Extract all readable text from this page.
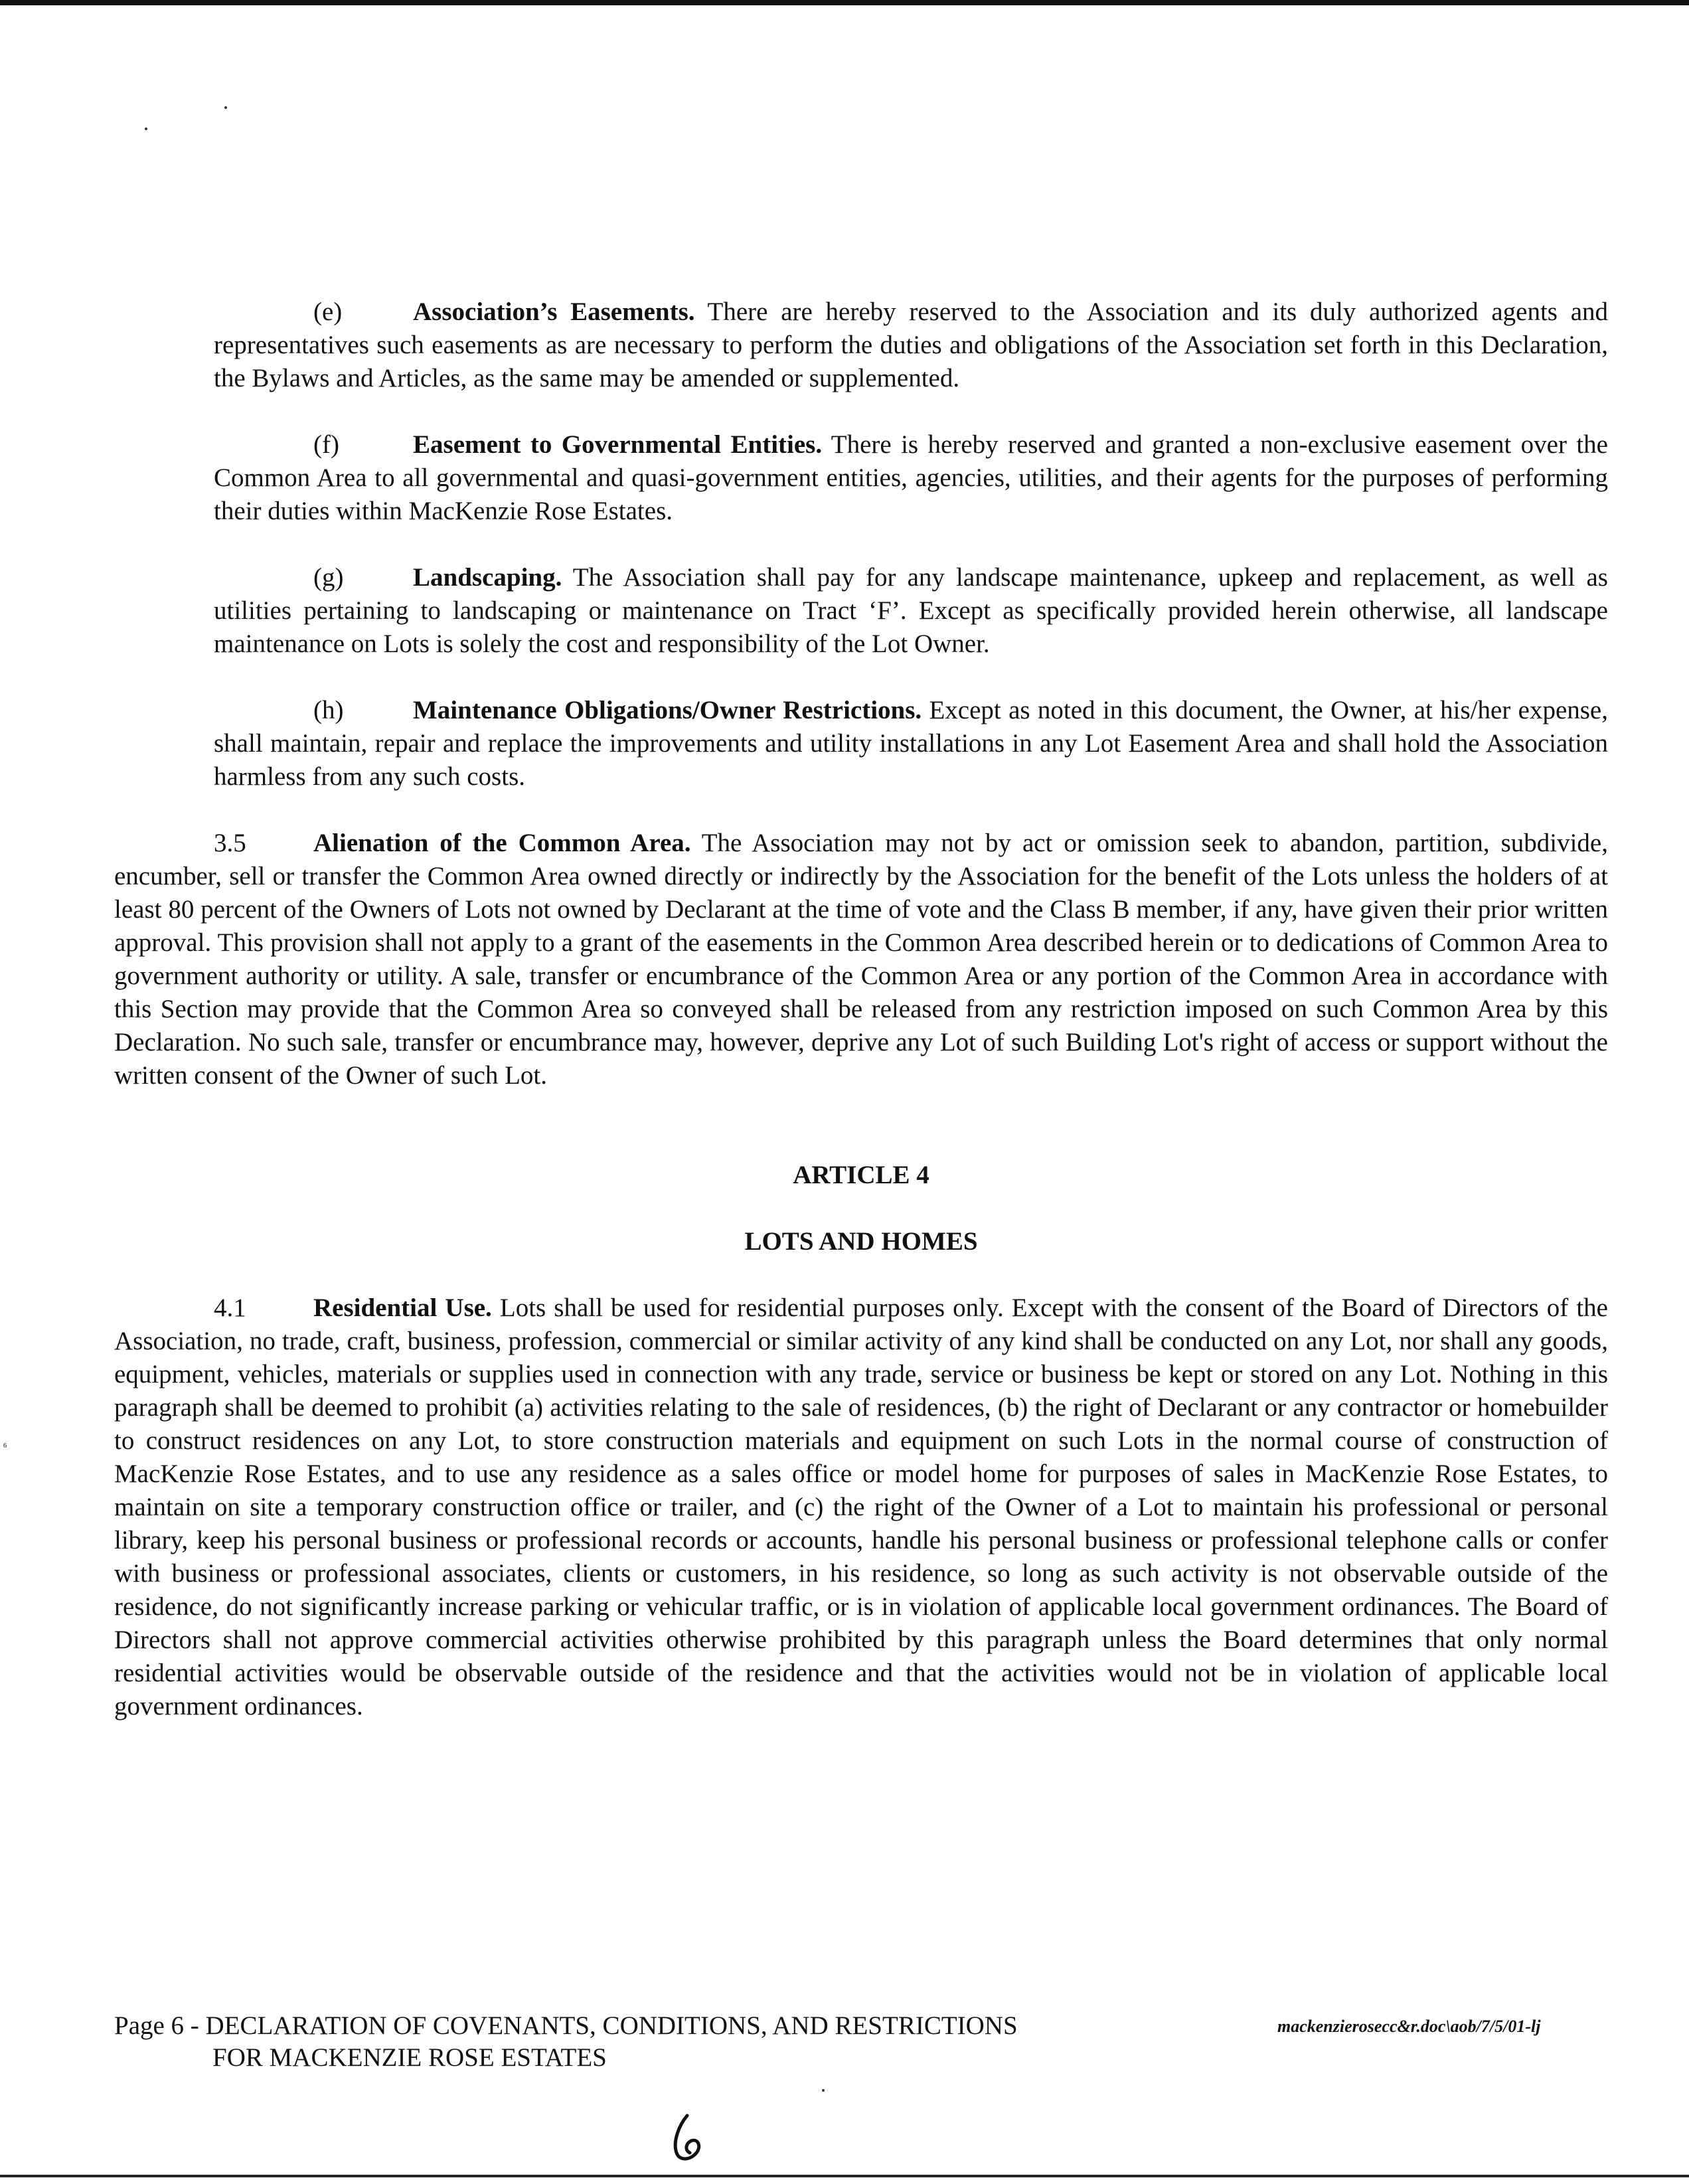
(e)	Association’s Easements. There are hereby reserved to the Association and its duly authorized agents and representatives such easements as are necessary to perform the duties and obligations of the Association set forth in this Declaration, the Bylaws and Articles, as the same may be amended or supplemented.

(f)	Easement to Governmental Entities. There is hereby reserved and granted a non-exclusive easement over the Common Area to all governmental and quasi-government entities, agencies, utilities, and their agents for the purposes of performing their duties within MacKenzie Rose Estates.

(g)	Landscaping. The Association shall pay for any landscape maintenance, upkeep and replacement, as well as utilities pertaining to landscaping or maintenance on Tract ‘F’. Except as specifically provided herein otherwise, all landscape maintenance on Lots is solely the cost and responsibility of the Lot Owner.

(h)	Maintenance Obligations/Owner Restrictions. Except as noted in this document, the Owner, at his/her expense, shall maintain, repair and replace the improvements and utility installations in any Lot Easement Area and shall hold the Association harmless from any such costs.

3.5	Alienation of the Common Area. The Association may not by act or omission seek to abandon, partition, subdivide, encumber, sell or transfer the Common Area owned directly or indirectly by the Association for the benefit of the Lots unless the holders of at least 80 percent of the Owners of Lots not owned by Declarant at the time of vote and the Class B member, if any, have given their prior written approval. This provision shall not apply to a grant of the easements in the Common Area described herein or to dedications of Common Area to government authority or utility. A sale, transfer or encumbrance of the Common Area or any portion of the Common Area in accordance with this Section may provide that the Common Area so conveyed shall be released from any restriction imposed on such Common Area by this Declaration. No such sale, transfer or encumbrance may, however, deprive any Lot of such Building Lot's right of access or support without the written consent of the Owner of such Lot.

ARTICLE 4

LOTS AND HOMES

4.1	Residential Use. Lots shall be used for residential purposes only. Except with the consent of the Board of Directors of the Association, no trade, craft, business, profession, commercial or similar activity of any kind shall be conducted on any Lot, nor shall any goods, equipment, vehicles, materials or supplies used in connection with any trade, service or business be kept or stored on any Lot. Nothing in this paragraph shall be deemed to prohibit (a) activities relating to the sale of residences, (b) the right of Declarant or any contractor or homebuilder to construct residences on any Lot, to store construction materials and equipment on such Lots in the normal course of construction of MacKenzie Rose Estates, and to use any residence as a sales office or model home for purposes of sales in MacKenzie Rose Estates, to maintain on site a temporary construction office or trailer, and (c) the right of the Owner of a Lot to maintain his professional or personal library, keep his personal business or professional records or accounts, handle his personal business or professional telephone calls or confer with business or professional associates, clients or customers, in his residence, so long as such activity is not observable outside of the residence, do not significantly increase parking or vehicular traffic, or is in violation of applicable local government ordinances. The Board of Directors shall not approve commercial activities otherwise prohibited by this paragraph unless the Board determines that only normal residential activities would be observable outside of the residence and that the activities would not be in violation of applicable local government ordinances.

Page 6 - DECLARATION OF COVENANTS, CONDITIONS, AND RESTRICTIONS
FOR MACKENZIE ROSE ESTATES
mackenzierosecc&r.doc\aob/7/5/01-lj
6
